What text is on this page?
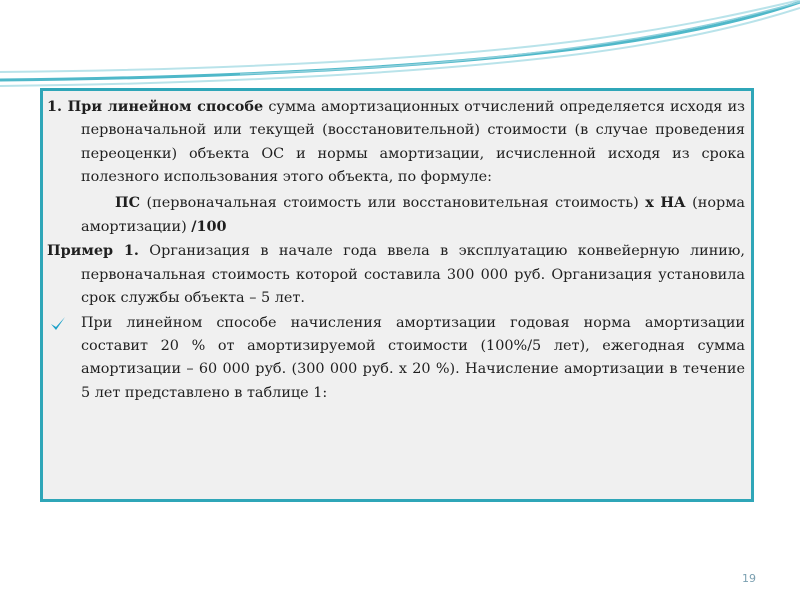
1. При линейном способе сумма амортизационных отчислений определяется исходя из первоначальной или текущей (восстановительной) стоимости (в случае проведения переоценки) объекта ОС и нормы амортизации, исчисленной исходя из срока полезного использования этого объекта, по формуле:

ПС (первоначальная стоимость или восстановительная стоимость) х НА (норма амортизации) /100

Пример 1. Организация в начале года ввела в эксплуатацию конвейерную линию, первоначальная стоимость которой составила 300 000 руб. Организация установила срок службы объекта – 5 лет.

При линейном способе начисления амортизации годовая норма амортизации составит 20 % от амортизируемой стоимости (100%/5 лет), ежегодная сумма амортизации – 60 000 руб. (300 000 руб. х 20 %). Начисление амортизации в течение 5 лет представлено в таблице 1:

19
